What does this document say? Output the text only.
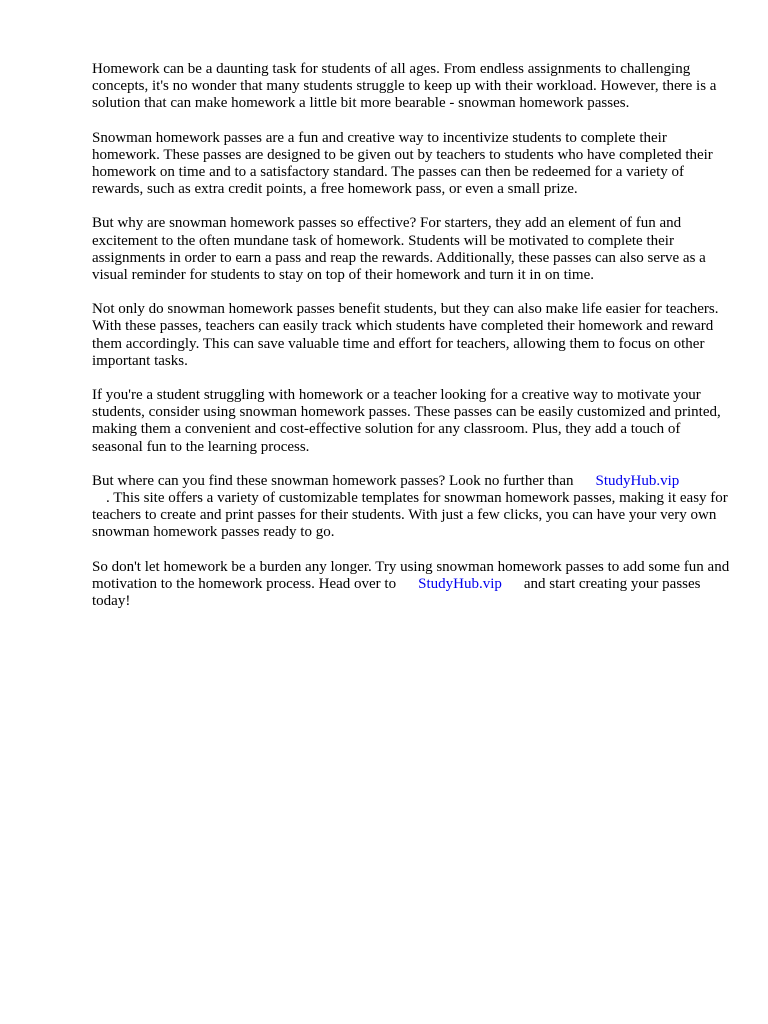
Homework can be a daunting task for students of all ages. From endless assignments to challenging concepts, it's no wonder that many students struggle to keep up with their workload. However, there is a solution that can make homework a little bit more bearable - snowman homework passes.

Snowman homework passes are a fun and creative way to incentivize students to complete their homework. These passes are designed to be given out by teachers to students who have completed their homework on time and to a satisfactory standard. The passes can then be redeemed for a variety of rewards, such as extra credit points, a free homework pass, or even a small prize.

But why are snowman homework passes so effective? For starters, they add an element of fun and excitement to the often mundane task of homework. Students will be motivated to complete their assignments in order to earn a pass and reap the rewards. Additionally, these passes can also serve as a visual reminder for students to stay on top of their homework and turn it in on time.

Not only do snowman homework passes benefit students, but they can also make life easier for teachers. With these passes, teachers can easily track which students have completed their homework and reward them accordingly. This can save valuable time and effort for teachers, allowing them to focus on other important tasks.

If you're a student struggling with homework or a teacher looking for a creative way to motivate your students, consider using snowman homework passes. These passes can be easily customized and printed, making them a convenient and cost-effective solution for any classroom. Plus, they add a touch of seasonal fun to the learning process.

But where can you find these snowman homework passes? Look no further than StudyHub.vip
. This site offers a variety of customizable templates for snowman homework passes, making it easy for teachers to create and print passes for their students. With just a few clicks, you can have your very own snowman homework passes ready to go.

So don't let homework be a burden any longer. Try using snowman homework passes to add some fun and motivation to the homework process. Head over to StudyHub.vip and start creating your passes today!
